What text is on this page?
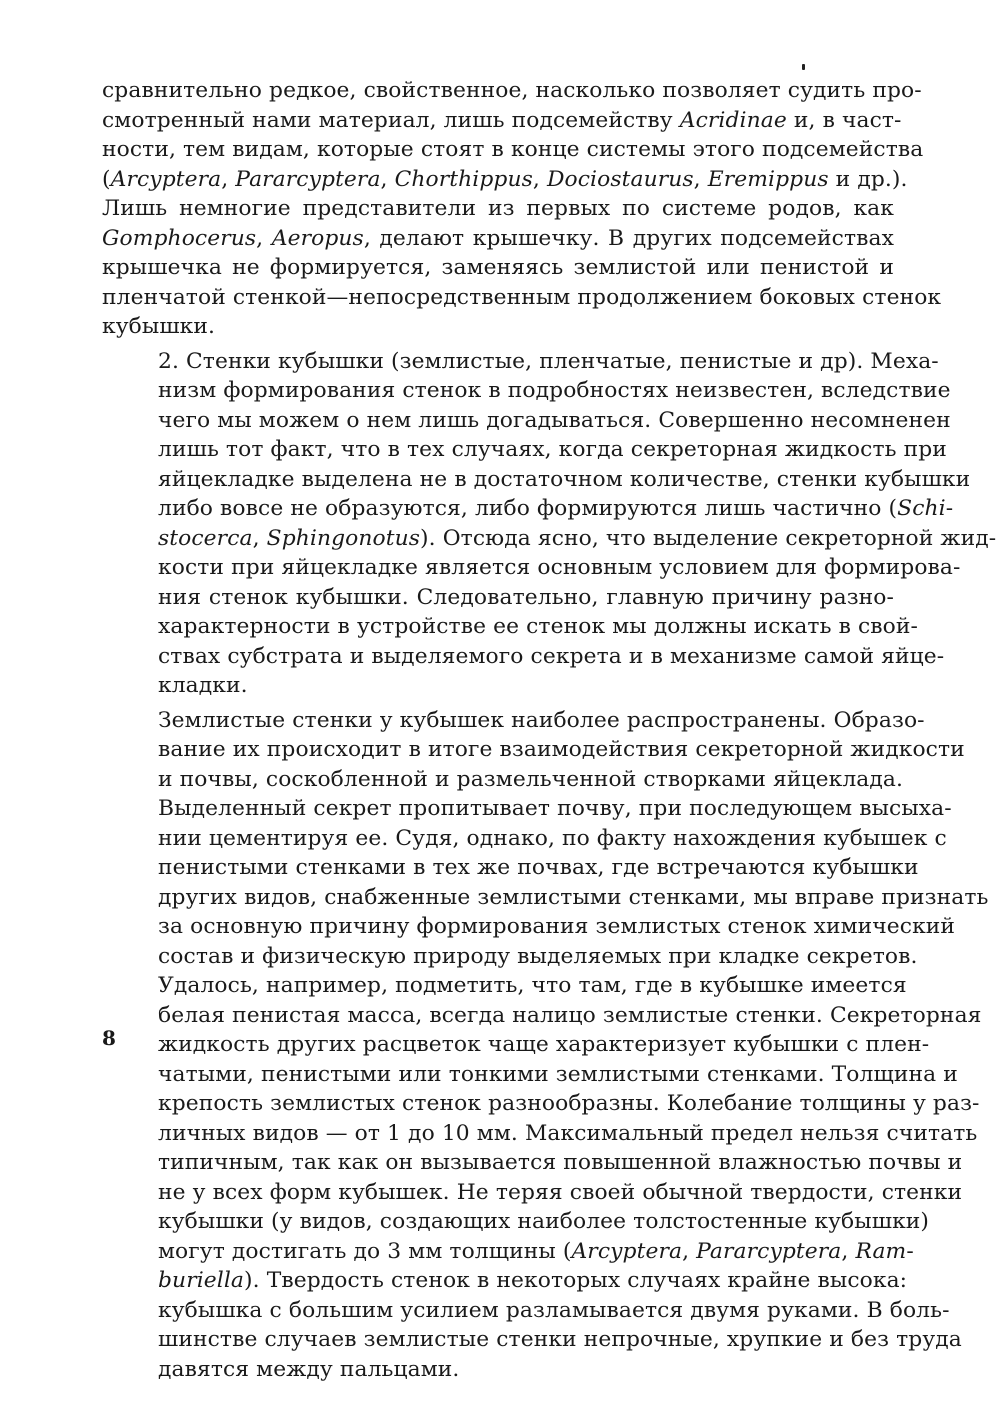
сравнительно редкое, свойственное, насколько позволяет судить про-
смотренный нами материал, лишь подсемейству Acridinae и, в част-
ности, тем видам, которые стоят в конце системы этого подсемейства
(Arcyptera, Pararcyptera, Chorthippus, Dociostaurus, Eremippus и др.).
Лишь немногие представители из первых по системе родов, как
Gomphocerus, Aeropus, делают крышечку. В других подсемействах
крышечка не формируется, заменяясь землистой или пенистой и
пленчатой стенкой—непосредственным продолжением боковых стенок
кубышки.

2. Стенки кубышки (землистые, пленчатые, пенистые и др). Меха-
низм формирования стенок в подробностях неизвестен, вследствие
чего мы можем о нем лишь догадываться. Совершенно несомненен
лишь тот факт, что в тех случаях, когда секреторная жидкость при
яйцекладке выделена не в достаточном количестве, стенки кубышки
либо вовсе не образуются, либо формируются лишь частично (Schi-
stocerca, Sphingonotus). Отсюда ясно, что выделение секреторной жид-
кости при яйцекладке является основным условием для формирова-
ния стенок кубышки. Следовательно, главную причину разно-
характерности в устройстве ее стенок мы должны искать в свой-
ствах субстрата и выделяемого секрета и в механизме самой яйце-
кладки.

Землистые стенки у кубышек наиболее распространены. Образо-
вание их происходит в итоге взаимодействия секреторной жидкости
и почвы, соскобленной и размельченной створками яйцеклада.
Выделенный секрет пропитывает почву, при последующем высыха-
нии цементируя ее. Судя, однако, по факту нахождения кубышек с
пенистыми стенками в тех же почвах, где встречаются кубышки
других видов, снабженные землистыми стенками, мы вправе признать
за основную причину формирования землистых стенок химический
состав и физическую природу выделяемых при кладке секретов.
Удалось, например, подметить, что там, где в кубышке имеется
белая пенистая масса, всегда налицо землистые стенки. Секреторная
жидкость других расцветок чаще характеризует кубышки с плен-
чатыми, пенистыми или тонкими землистыми стенками. Толщина и
крепость землистых стенок разнообразны. Колебание толщины у раз-
личных видов — от 1 до 10 мм. Максимальный предел нельзя считать
типичным, так как он вызывается повышенной влажностью почвы и
не у всех форм кубышек. Не теряя своей обычной твердости, стенки
кубышки (у видов, создающих наиболее толстостенные кубышки)
могут достигать до 3 мм толщины (Arcyptera, Pararcyptera, Ram-
buriella). Твердость стенок в некоторых случаях крайне высока:
кубышка с большим усилием разламывается двумя руками. В боль-
шинстве случаев землистые стенки непрочные, хрупкие и без труда
давятся между пальцами.

8
